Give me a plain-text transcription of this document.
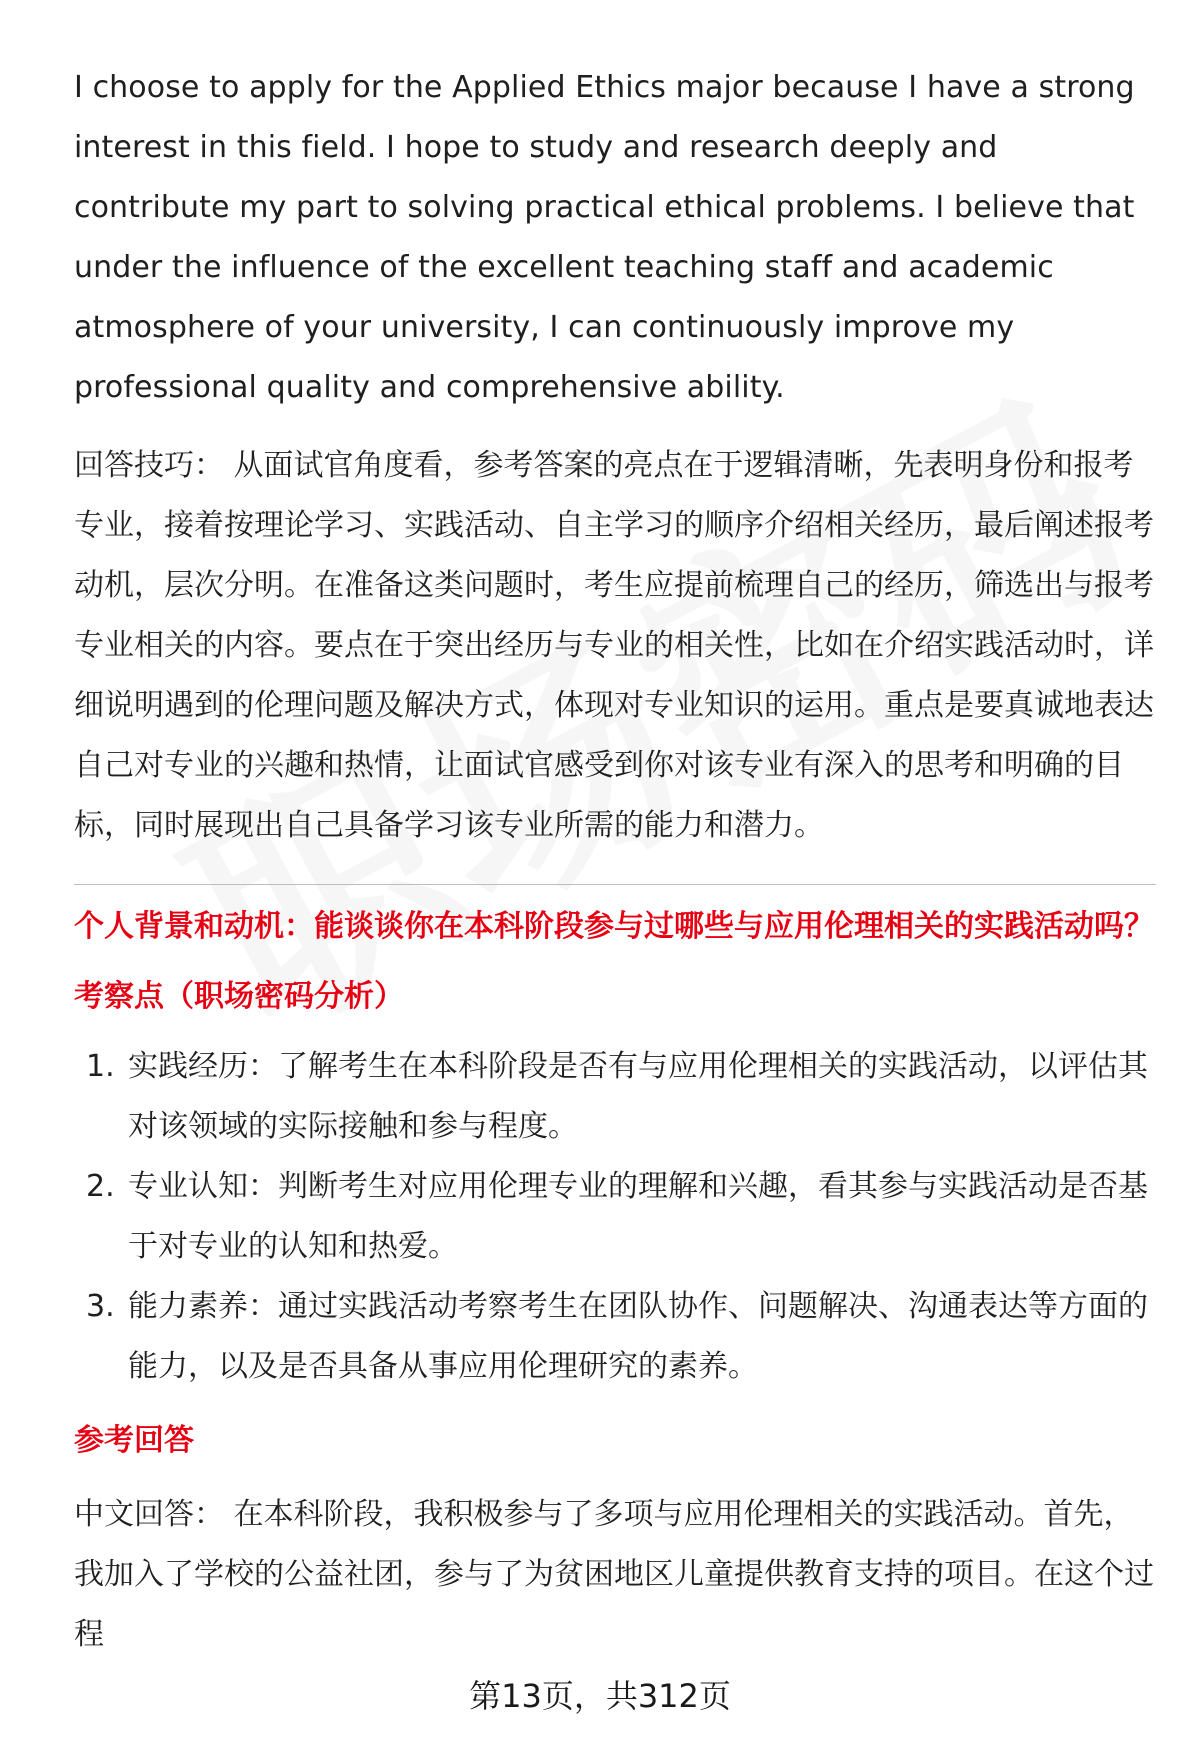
I choose to apply for the Applied Ethics major because I have a strong interest in this field. I hope to study and research deeply and contribute my part to solving practical ethical problems. I believe that under the influence of the excellent teaching staff and academic atmosphere of your university, I can continuously improve my professional quality and comprehensive ability.

回答技巧： 从面试官角度看，参考答案的亮点在于逻辑清晰，先表明身份和报考专业，接着按理论学习、实践活动、自主学习的顺序介绍相关经历，最后阐述报考动机，层次分明。在准备这类问题时，考生应提前梳理自己的经历，筛选出与报考专业相关的内容。要点在于突出经历与专业的相关性，比如在介绍实践活动时，详细说明遇到的伦理问题及解决方式，体现对专业知识的运用。重点是要真诚地表达自己对专业的兴趣和热情，让面试官感受到你对该专业有深入的思考和明确的目标，同时展现出自己具备学习该专业所需的能力和潜力。

个人背景和动机：能谈谈你在本科阶段参与过哪些与应用伦理相关的实践活动吗？

考察点（职场密码分析）

1. 实践经历：了解考生在本科阶段是否有与应用伦理相关的实践活动，以评估其对该领域的实际接触和参与程度。
2. 专业认知：判断考生对应用伦理专业的理解和兴趣，看其参与实践活动是否基于对专业的认知和热爱。
3. 能力素养：通过实践活动考察考生在团队协作、问题解决、沟通表达等方面的能力，以及是否具备从事应用伦理研究的素养。

参考回答

中文回答： 在本科阶段，我积极参与了多项与应用伦理相关的实践活动。首先，我加入了学校的公益社团，参与了为贫困地区儿童提供教育支持的项目。在这个过程

第13页，共312页
